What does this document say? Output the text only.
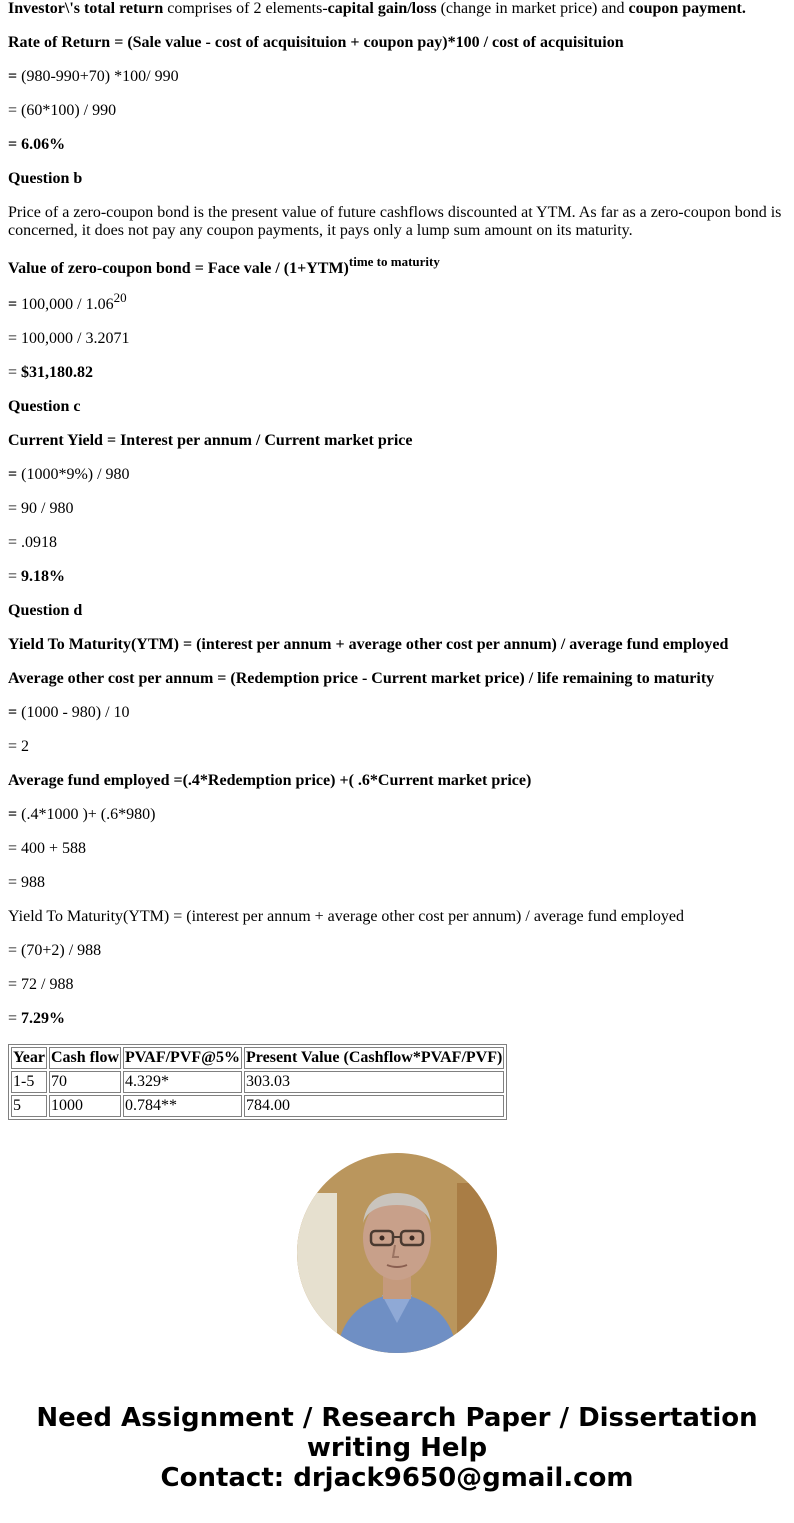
Investor\'s total return comprises of 2 elements-capital gain/loss (change in market price) and coupon payment.

Rate of Return = (Sale value - cost of acquisituion + coupon pay)*100 / cost of acquisituion

= (980-990+70) *100/ 990

= (60*100) / 990

= 6.06%

Question b

Price of a zero-coupon bond is the present value of future cashflows discounted at YTM. As far as a zero-coupon bond is concerned, it does not pay any coupon payments, it pays only a lump sum amount on its maturity.

Value of zero-coupon bond = Face vale / $(1+YTM)^{time to maturity}$

= 100,000 / 1.06$^{20}$

= 100,000 / 3.2071

= $31,180.82

Question c

Current Yield = Interest per annum / Current market price

= (1000*9%) / 980

= 90 / 980

= .0918

= 9.18%

Question d

Yield To Maturity(YTM) = (interest per annum + average other cost per annum) / average fund employed

Average other cost per annum = (Redemption price - Current market price) / life remaining to maturity

= (1000 - 980) / 10

= 2

Average fund employed =(.4*Redemption price) +( .6*Current market price)

= (.4*1000 )+ (.6*980)

= 400 + 588

= 988

Yield To Maturity(YTM) = (interest per annum + average other cost per annum) / average fund employed

= (70+2) / 988

= 72 / 988

= 7.29%

Year	Cash flow	PVAF/PVF@5%	Present Value (Cashflow*PVAF/PVF)
1-5	70	4.329*	303.03
5	1000	0.784**	784.00
Need Assignment / Research Paper / Dissertation
writing Help
Contact: drjack9650@gmail.com
